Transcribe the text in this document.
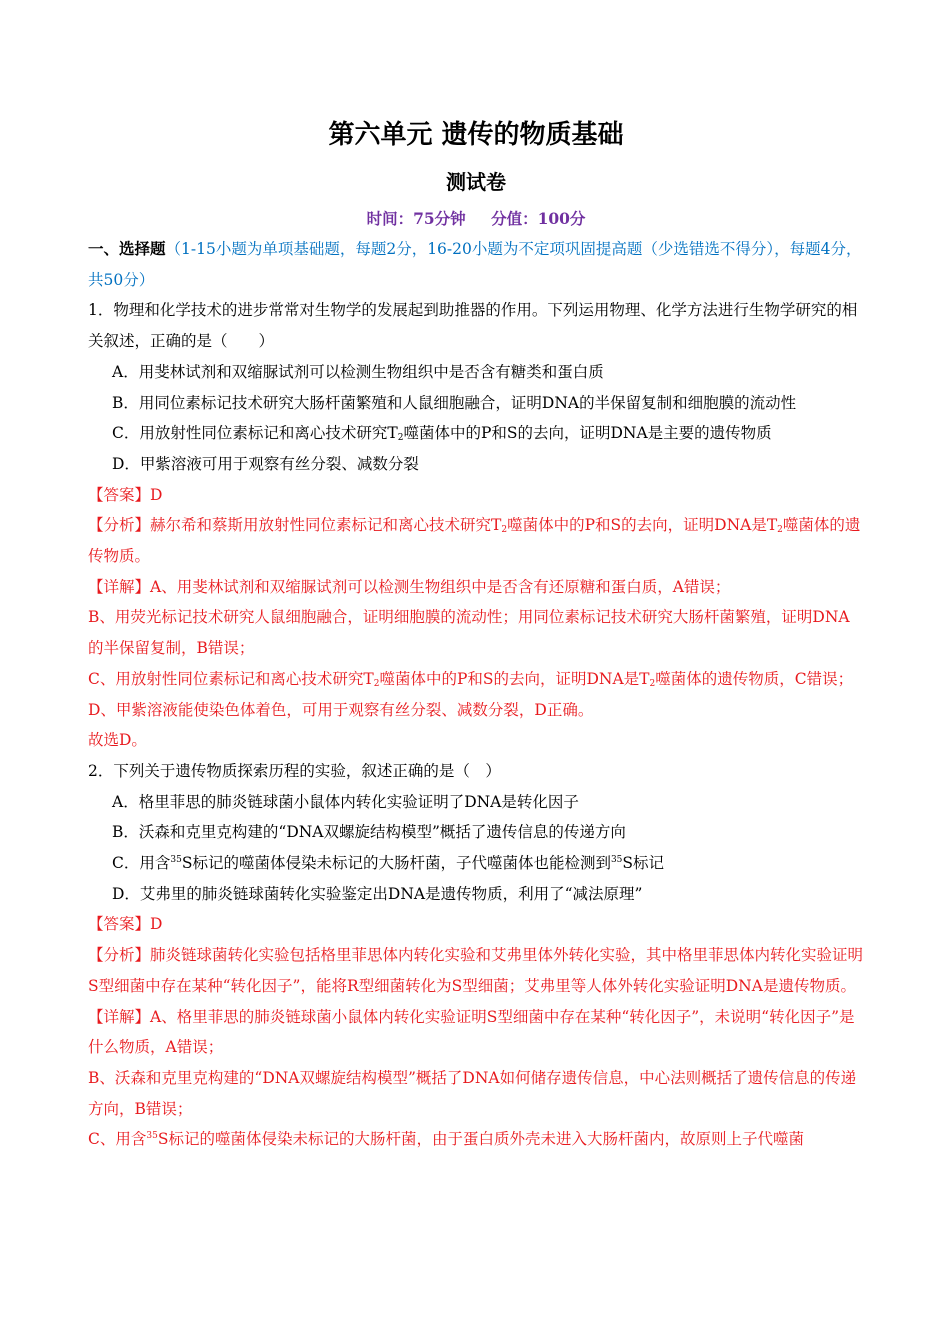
第六单元 遗传的物质基础
测试卷
时间：75分钟 分值：100分

一、选择题（1-15小题为单项基础题，每题2分，16-20小题为不定项巩固提高题（少选错选不得分），每题4分，共50分）

1．物理和化学技术的进步常常对生物学的发展起到助推器的作用。下列运用物理、化学方法进行生物学研究的相关叙述，正确的是（　　）

A．用斐林试剂和双缩脲试剂可以检测生物组织中是否含有糖类和蛋白质

B．用同位素标记技术研究大肠杆菌繁殖和人鼠细胞融合，证明DNA的半保留复制和细胞膜的流动性

C．用放射性同位素标记和离心技术研究$T_2$噬菌体中的P和S的去向，证明DNA是主要的遗传物质

D．甲紫溶液可用于观察有丝分裂、减数分裂

【答案】D

【分析】赫尔希和蔡斯用放射性同位素标记和离心技术研究$T_2$噬菌体中的P和S的去向，证明DNA是$T_2$噬菌体的遗传物质。

【详解】A、用斐林试剂和双缩脲试剂可以检测生物组织中是否含有还原糖和蛋白质，A错误；

B、用荧光标记技术研究人鼠细胞融合，证明细胞膜的流动性；用同位素标记技术研究大肠杆菌繁殖，证明DNA的半保留复制，B错误；

C、用放射性同位素标记和离心技术研究$T_2$噬菌体中的P和S的去向，证明DNA是$T_2$噬菌体的遗传物质，C错误；

D、甲紫溶液能使染色体着色，可用于观察有丝分裂、减数分裂，D正确。

故选D。

2．下列关于遗传物质探索历程的实验，叙述正确的是（　）

A．格里菲思的肺炎链球菌小鼠体内转化实验证明了DNA是转化因子

B．沃森和克里克构建的“DNA双螺旋结构模型”概括了遗传信息的传递方向

C．用含$^{35}$S标记的噬菌体侵染未标记的大肠杆菌，子代噬菌体也能检测到$^{35}$S标记

D．艾弗里的肺炎链球菌转化实验鉴定出DNA是遗传物质，利用了“减法原理”

【答案】D

【分析】肺炎链球菌转化实验包括格里菲思体内转化实验和艾弗里体外转化实验，其中格里菲思体内转化实验证明S型细菌中存在某种“转化因子”，能将R型细菌转化为S型细菌；艾弗里等人体外转化实验证明DNA是遗传物质。

【详解】A、格里菲思的肺炎链球菌小鼠体内转化实验证明S型细菌中存在某种“转化因子”，未说明“转化因子”是什么物质，A错误；

B、沃森和克里克构建的“DNA双螺旋结构模型”概括了DNA如何储存遗传信息，中心法则概括了遗传信息的传递方向，B错误；

C、用含$^{35}$S标记的噬菌体侵染未标记的大肠杆菌，由于蛋白质外壳未进入大肠杆菌内，故原则上子代噬菌
